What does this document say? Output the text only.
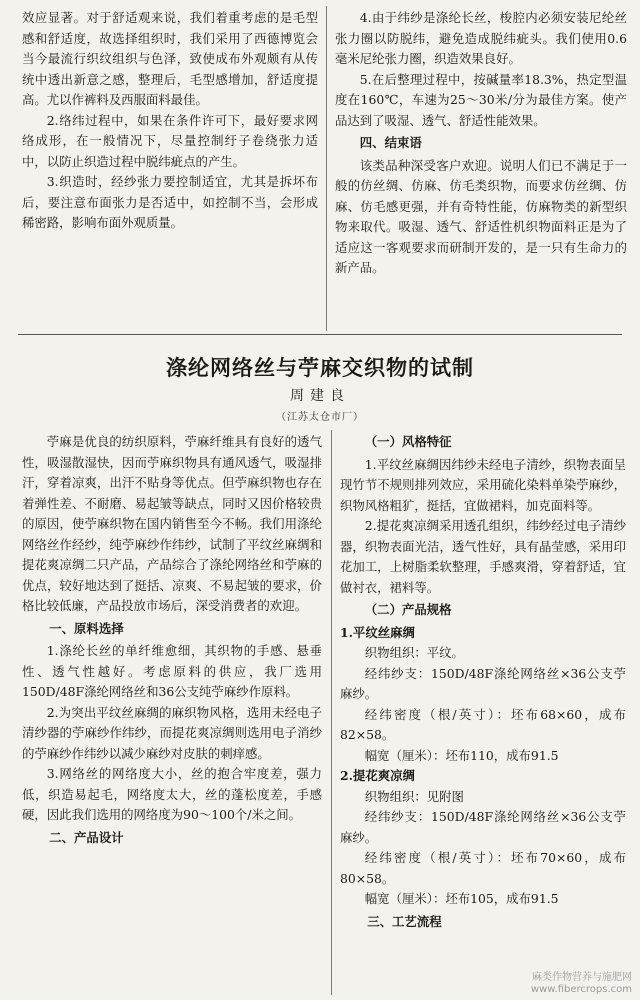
效应显著。对于舒适观来说，我们着重考虑的是毛型感和舒适度，故选择组织时，我们采用了西德博览会当今最流行织纹组织与色泽，致使成布外观颇有从传统中透出新意之感，整理后，毛型感增加，舒适度提高。尤以作裤料及西服面料最佳。

2.络纬过程中，如果在条件许可下，最好要求网络成形，在一般情况下，尽量控制纡子卷绕张力适中，以防止织造过程中脱纬疵点的产生。

3.织造时，经纱张力要控制适宜，尤其是拆坏布后，要注意布面张力是否适中，如控制不当，会形成稀密路，影响布面外观质量。

4.由于纬纱是涤纶长丝，梭腔内必须安装尼纶丝张力圈以防脱纬，避免造成脱纬疵头。我们使用0.6毫米尼纶张力圈，织造效果良好。

5.在后整理过程中，按碱量率18.3%，热定型温度在160℃，车速为25～30米/分为最佳方案。使产品达到了吸湿、透气、舒适性能效果。

四、结束语

该类品种深受客户欢迎。说明人们已不满足于一般的仿丝绸、仿麻、仿毛类织物，而要求仿丝绸、仿麻、仿毛感更强，并有奇特性能，仿麻物类的新型织物来取代。吸湿、透气、舒适性机织物面料正是为了适应这一客观要求而研制开发的，是一只有生命力的新产品。

涤纶网络丝与苧麻交织物的试制
周建良
（江苏太仓市厂）

苧麻是优良的纺织原料，苧麻纤维具有良好的透气性，吸湿散湿快，因而苧麻织物具有通风透气，吸湿排汗，穿着凉爽，出汗不贴身等优点。但苧麻织物也存在着弹性差、不耐磨、易起皱等缺点，同时又因价格较贵的原因，使苧麻织物在国内销售至今不畅。我们用涤纶网络丝作经纱，纯苧麻纱作纬纱，试制了平纹丝麻绸和提花爽凉绸二只产品，产品综合了涤纶网络丝和苧麻的优点，较好地达到了挺括、凉爽、不易起皱的要求，价格比较低廉，产品投放市场后，深受消费者的欢迎。

一、原料选择

1.涤纶长丝的单纤维愈细，其织物的手感、悬垂性、透气性越好。考虑原料的供应，我厂选用150D/48F涤纶网络丝和36公支纯苧麻纱作原料。

2.为突出平纹丝麻绸的麻织物风格，选用未经电子清纱器的苧麻纱作纬纱，而提花爽凉绸则选用电子消纱的苧麻纱作纬纱以减少麻纱对皮肤的刺痒感。

3.网络丝的网络度大小，丝的抱合牢度差，强力低，织造易起毛，网络度太大，丝的蓬松度差，手感硬，因此我们选用的网络度为90～100个/米之间。

二、产品设计

（一）风格特征

1.平纹丝麻绸因纬纱未经电子清纱，织物表面呈现竹节不规则排列效应，采用硫化染料单染苧麻纱，织物风格粗犷，挺括，宜做裙料，加克面料等。

2.提花爽凉绸采用透孔组织，纬纱经过电子清纱器，织物表面光洁，透气性好，具有晶莹感，采用印花加工，上树脂柔软整理，手感爽滑，穿着舒适，宜做衬衣，裙料等。

（二）产品规格

1.平纹丝麻绸

织物组织：平纹。

经纬纱支：150D/48F涤纶网络丝×36公支苧麻纱。

经纬密度（根/英寸）：坯布68×60，成布82×58。

幅宽（厘米）：坯布110，成布91.5

2.提花爽凉绸

织物组织：见附图

经纬纱支：150D/48F涤纶网络丝×36公支苧麻纱。

经纬密度（根/英寸）：坯布70×60，成布80×58。

幅宽（厘米）：坯布105，成布91.5

三、工艺流程

麻类作物营养与施肥网
www.fibercrops.com
